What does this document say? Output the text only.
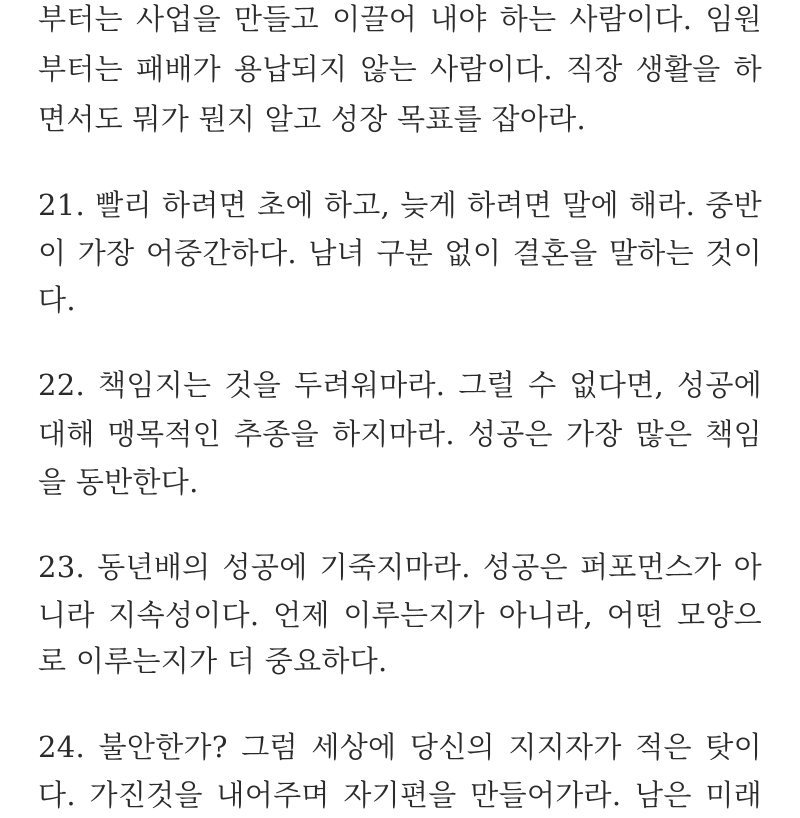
부터는 사업을 만들고 이끌어 내야 하는 사람이다. 임원
부터는 패배가 용납되지 않는 사람이다. 직장 생활을 하
면서도 뭐가 뭔지 알고 성장 목표를 잡아라.
21. 빨리 하려면 초에 하고, 늦게 하려면 말에 해라. 중반
이 가장 어중간하다. 남녀 구분 없이 결혼을 말하는 것이
다.
22. 책임지는 것을 두려워마라. 그럴 수 없다면, 성공에
대해 맹목적인 추종을 하지마라. 성공은 가장 많은 책임
을 동반한다.
23. 동년배의 성공에 기죽지마라. 성공은 퍼포먼스가 아
니라 지속성이다. 언제 이루는지가 아니라, 어떤 모양으
로 이루는지가 더 중요하다.
24. 불안한가? 그럼 세상에 당신의 지지자가 적은 탓이
다. 가진것을 내어주며 자기편을 만들어가라. 남은 미래
